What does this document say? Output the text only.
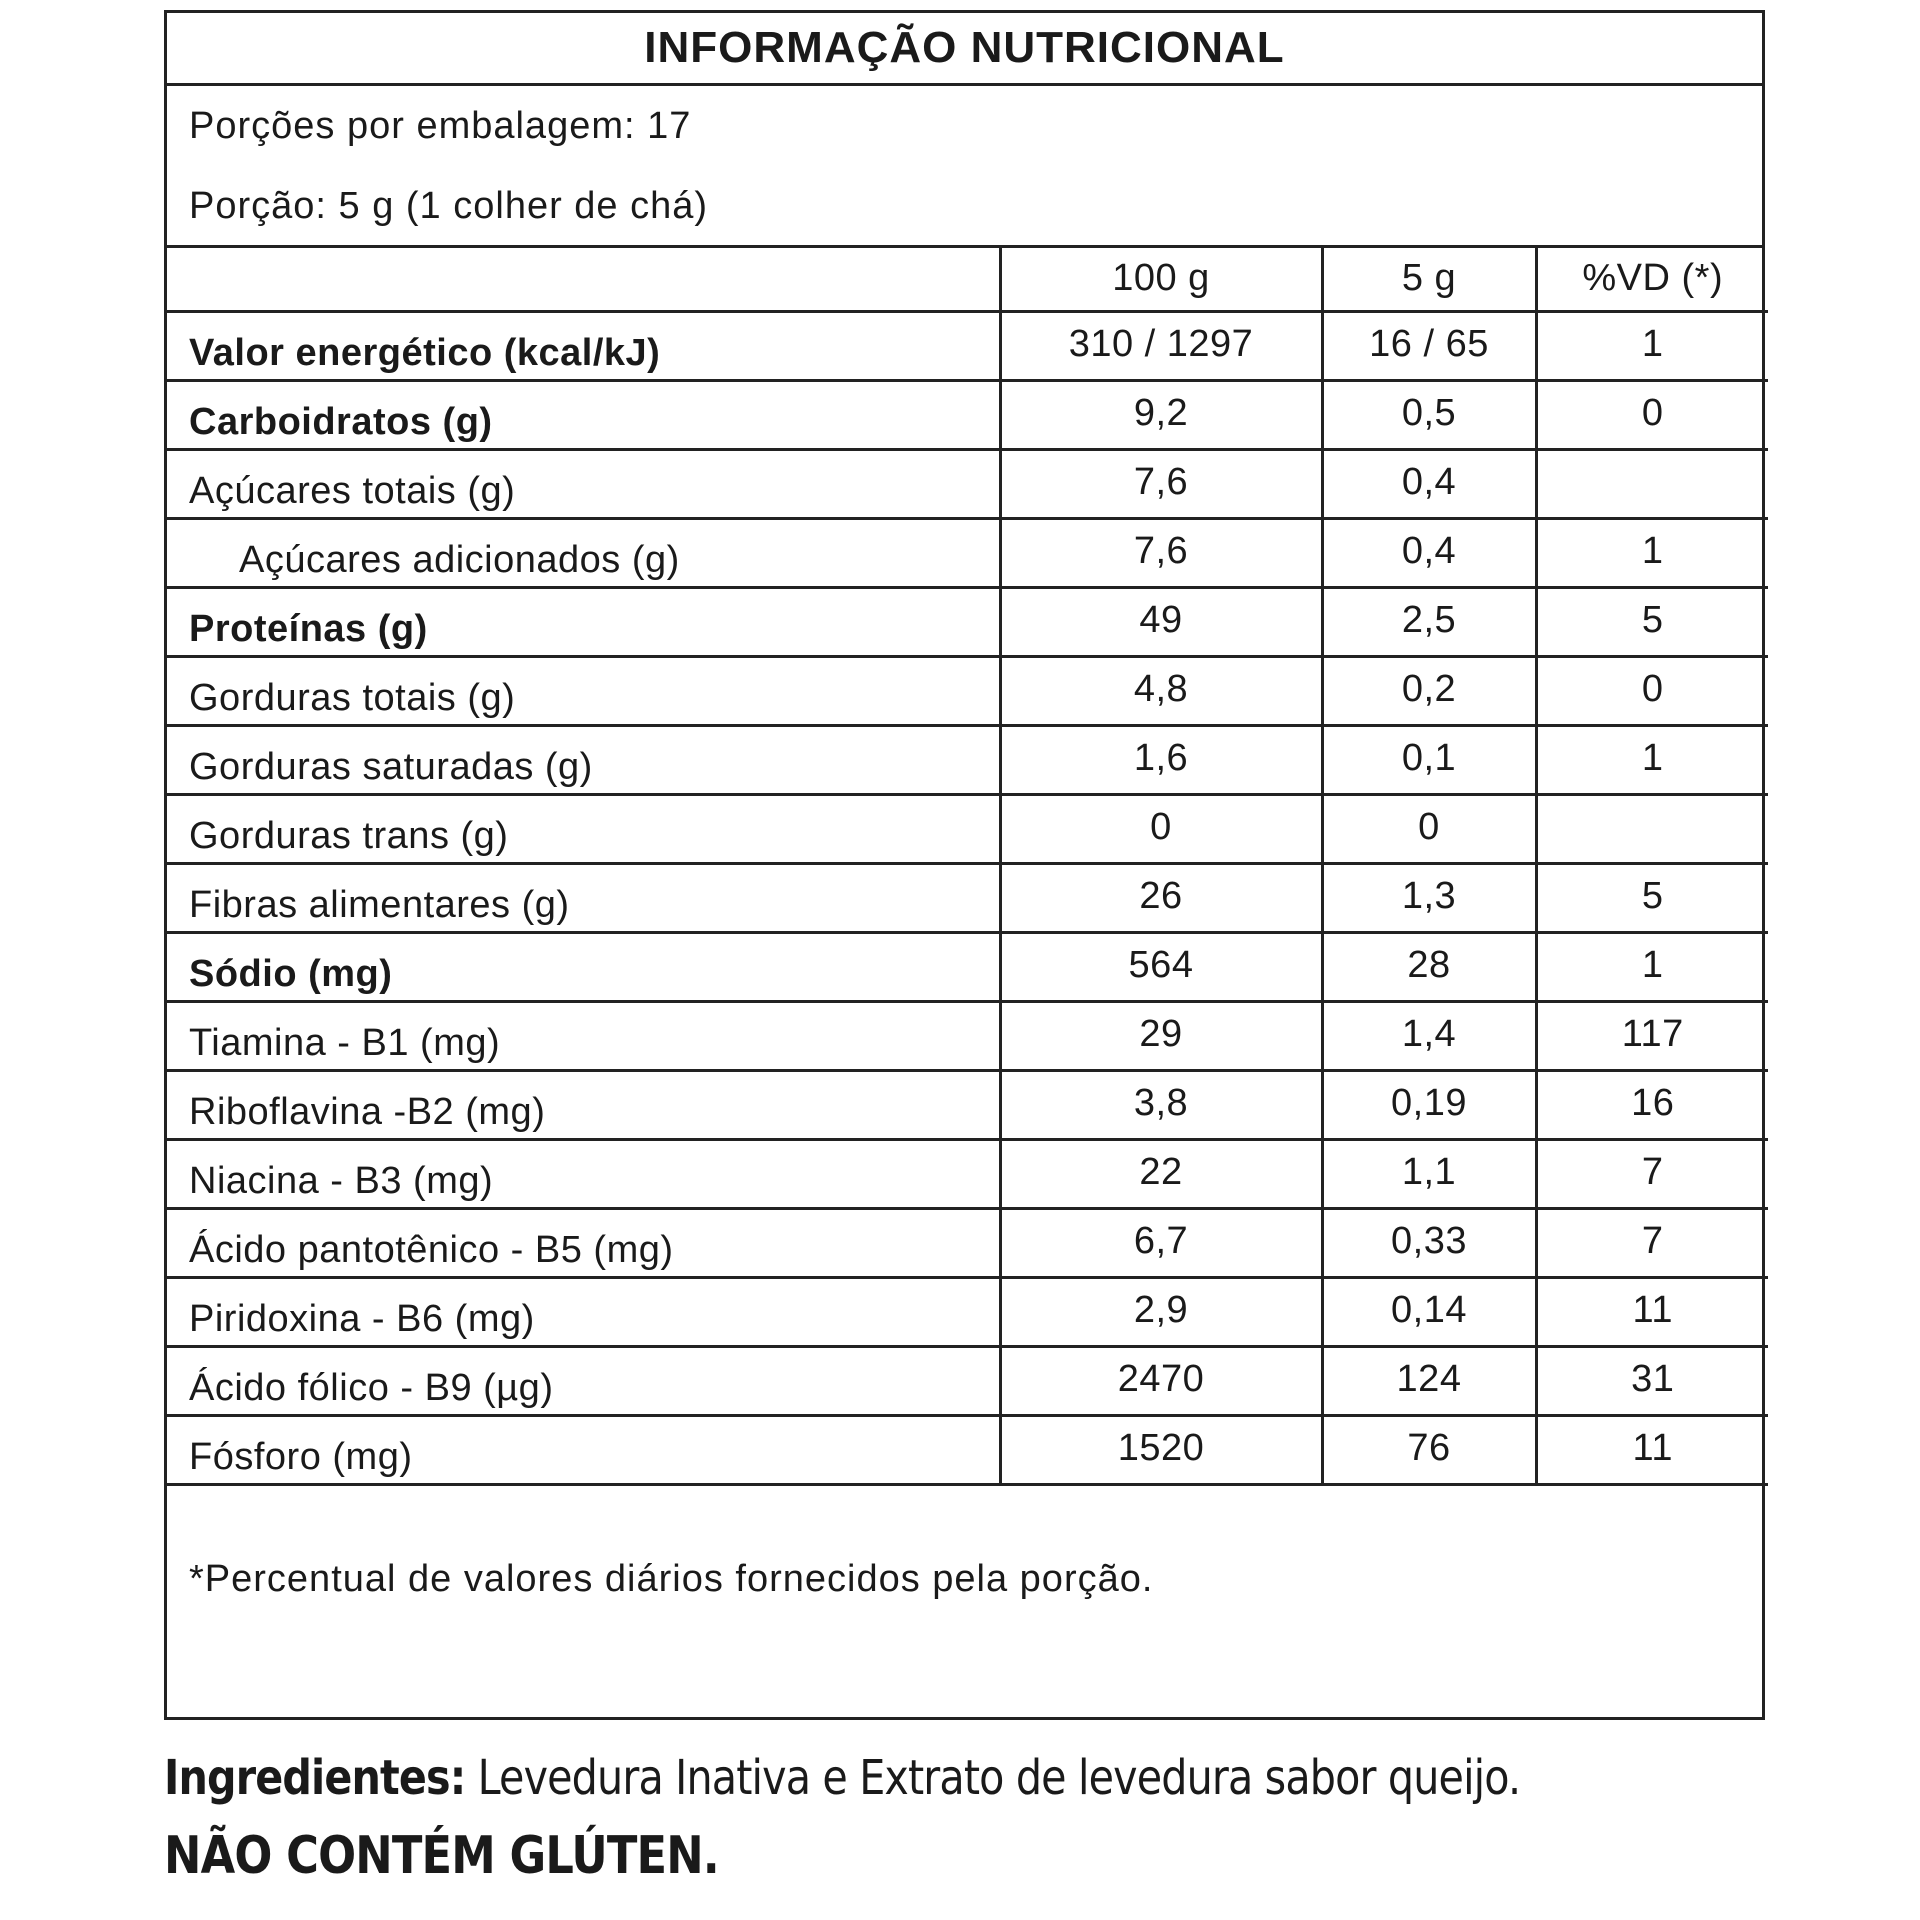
INFORMAÇÃO NUTRICIONAL
Porções por embalagem: 17
Porção: 5 g (1 colher de chá)
	100 g	5 g	%VD (*)
Valor energético (kcal/kJ)	310 / 1297	16 / 65	1
Carboidratos (g)	9,2	0,5	0
Açúcares totais (g)	7,6	0,4	
Açúcares adicionados (g)	7,6	0,4	1
Proteínas (g)	49	2,5	5
Gorduras totais (g)	4,8	0,2	0
Gorduras saturadas (g)	1,6	0,1	1
Gorduras trans (g)	0	0	
Fibras alimentares (g)	26	1,3	5
Sódio (mg)	564	28	1
Tiamina - B1 (mg)	29	1,4	117
Riboflavina -B2 (mg)	3,8	0,19	16
Niacina - B3 (mg)	22	1,1	7
Ácido pantotênico - B5 (mg)	6,7	0,33	7
Piridoxina - B6 (mg)	2,9	0,14	11
Ácido fólico - B9 (µg)	2470	124	31
Fósforo (mg)	1520	76	11
*Percentual de valores diários fornecidos pela porção.
Ingredientes: Levedura Inativa e Extrato de levedura sabor queijo.
NÃO CONTÉM GLÚTEN.
